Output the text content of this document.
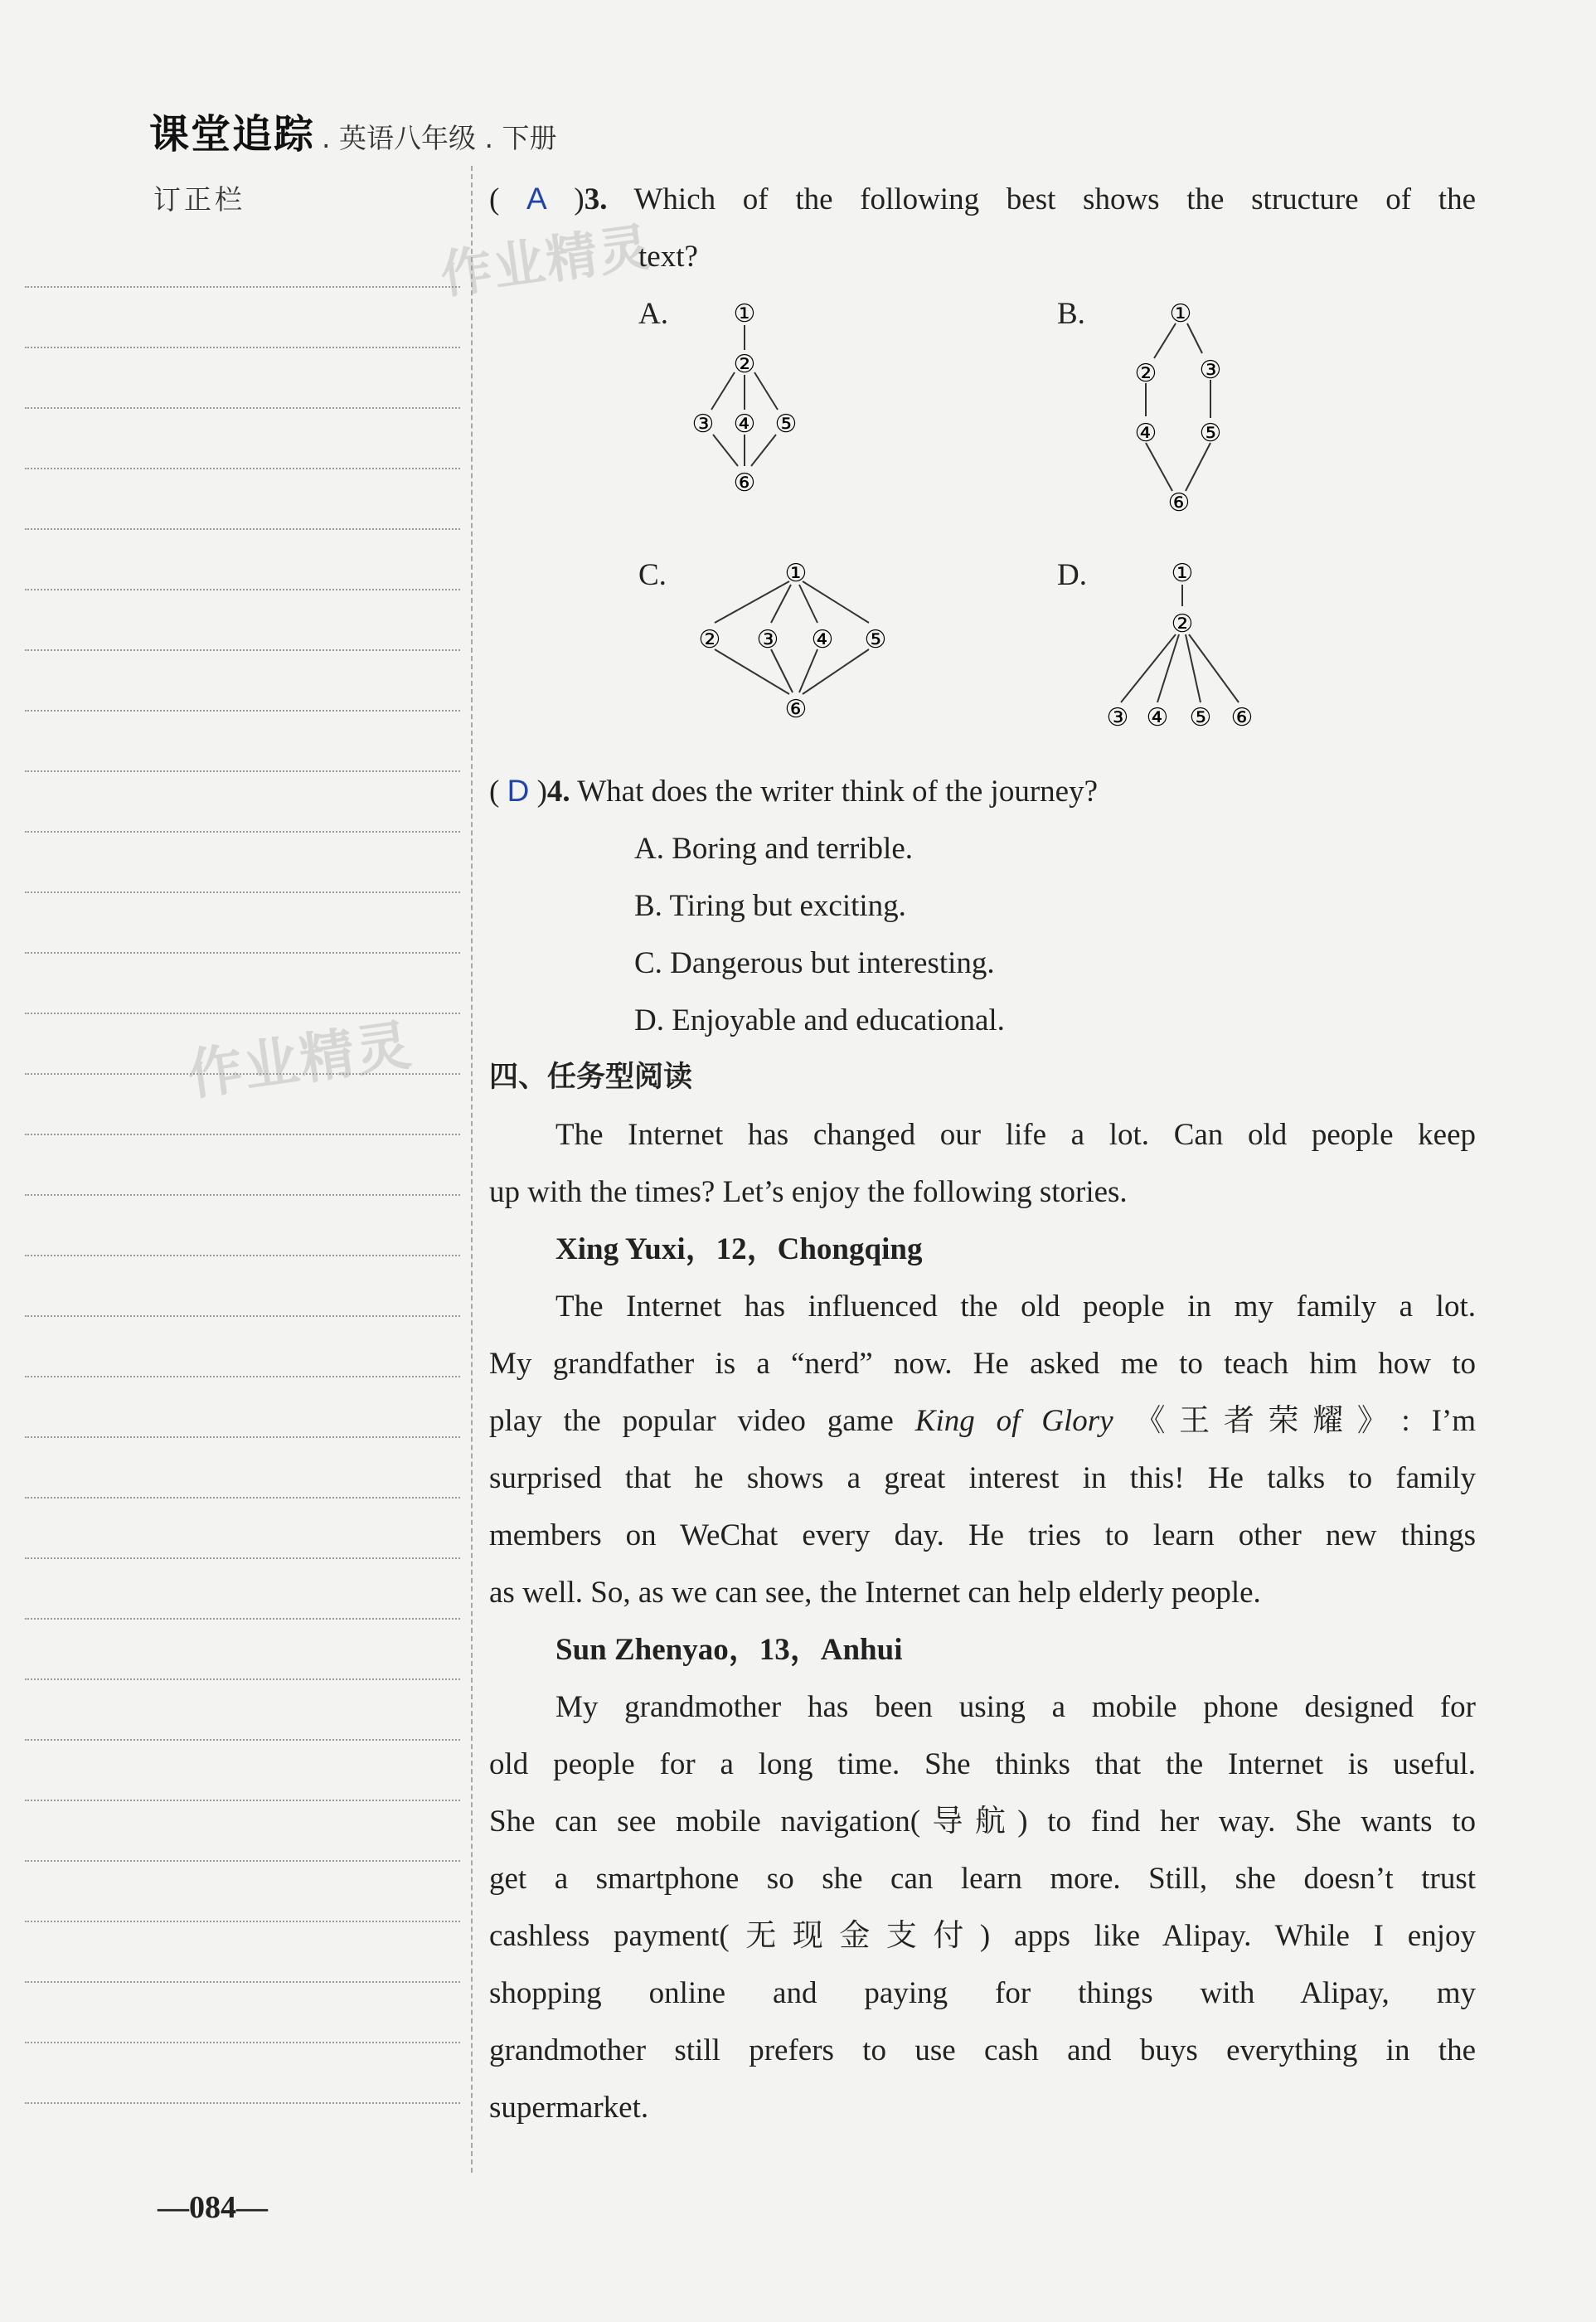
课堂追踪 . 英语八年级 . 下册
订正栏
作业精灵
作业精灵
( A )3. Which of the following best shows the structure of the
text?
A.	①
②
③ ④ ⑤
⑥
B.	①
② ③
④ ⑤
⑥
C.	①
② ③ ④ ⑤
⑥
D.	①
②
③ ④ ⑤ ⑥
( D )4. What does the writer think of the journey?
A. Boring and terrible.
B. Tiring but exciting.
C. Dangerous but interesting.
D. Enjoyable and educational.
四、任务型阅读
The Internet has changed our life a lot. Can old people keep
up with the times? Let’s enjoy the following stories.
Xing Yuxi，12，Chongqing
The Internet has influenced the old people in my family a lot.
My grandfather is a “nerd” now. He asked me to teach him how to
play the popular video game King of Glory 《王者荣耀》: I’m
surprised that he shows a great interest in this! He talks to family
members on WeChat every day. He tries to learn other new things
as well. So, as we can see, the Internet can help elderly people.
Sun Zhenyao，13，Anhui
My grandmother has been using a mobile phone designed for
old people for a long time. She thinks that the Internet is useful.
She can see mobile navigation(导航) to find her way. She wants to
get a smartphone so she can learn more. Still, she doesn’t trust
cashless payment(无现金支付) apps like Alipay. While I enjoy
shopping online and paying for things with Alipay, my
grandmother still prefers to use cash and buys everything in the
supermarket.
—084—
